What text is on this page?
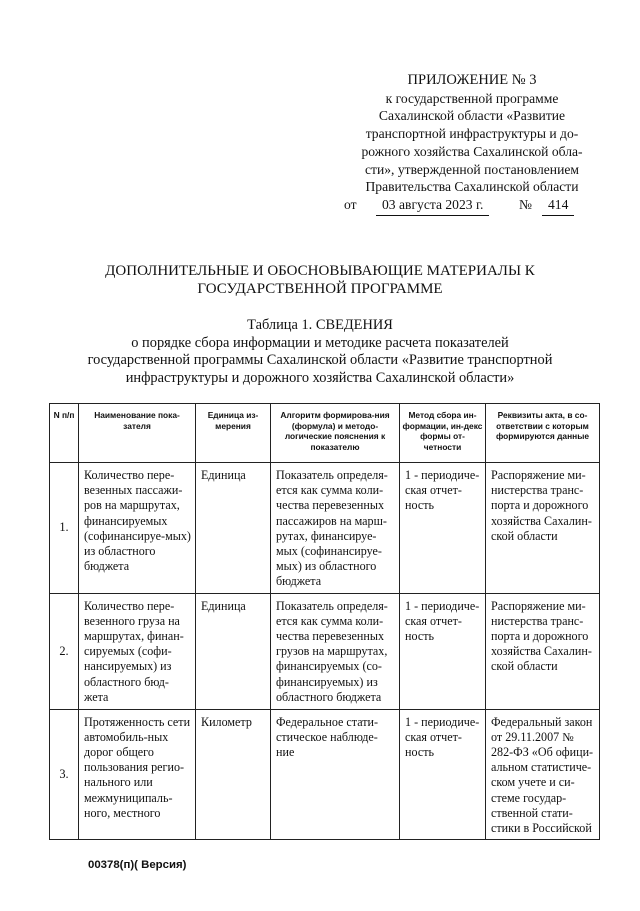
ПРИЛОЖЕНИЕ № 3
к государственной программе
Сахалинской области «Развитие
транспортной инфраструктуры и до-
рожного хозяйства Сахалинской обла-
сти», утвержденной постановлением
Правительства Сахалинской области
от	03 августа 2023 г.	№	414
ДОПОЛНИТЕЛЬНЫЕ И ОБОСНОВЫВАЮЩИЕ МАТЕРИАЛЫ К
ГОСУДАРСТВЕННОЙ ПРОГРАММЕ
Таблица 1. СВЕДЕНИЯ
о порядке сбора информации и методике расчета показателей
государственной программы Сахалинской области «Развитие транспортной
инфраструктуры и дорожного хозяйства Сахалинской области»
N п/п	Наименование пока-зателя	Единица из-мерения	Алгоритм формирова-ния (формула) и методо-логические пояснения к показателю	Метод сбора ин-формации, ин-декс формы от-четности	Реквизиты акта, в со-ответствии с которым формируются данные
1.	Количество пере-везенных пассажи-ров на маршрутах, финансируемых (софинансируе-мых) из областного бюджета	Единица	Показатель определя-ется как сумма коли-чества перевезенных пассажиров на марш-рутах, финансируе-мых (софинансируе-мых) из областного бюджета	1 - периодиче-ская отчет-ность	Распоряжение ми-нистерства транс-порта и дорожного хозяйства Сахалин-ской области
2.	Количество пере-везенного груза на маршрутах, финан-сируемых (софи-нансируемых) из областного бюд-жета	Единица	Показатель определя-ется как сумма коли-чества перевезенных грузов на маршрутах, финансируемых (со-финансируемых) из областного бюджета	1 - периодиче-ская отчет-ность	Распоряжение ми-нистерства транс-порта и дорожного хозяйства Сахалин-ской области
3.	Протяженность сети автомобиль-ных дорог общего пользования регио-нального или межмуниципаль-ного, местного	Километр	Федеральное стати-стическое наблюде-ние	1 - периодиче-ская отчет-ность	Федеральный закон от 29.11.2007 № 282-ФЗ «Об офици-альном статистиче-ском учете и си-стеме государ-ственной стати-стики в Российской
00378(п)( Версия)
